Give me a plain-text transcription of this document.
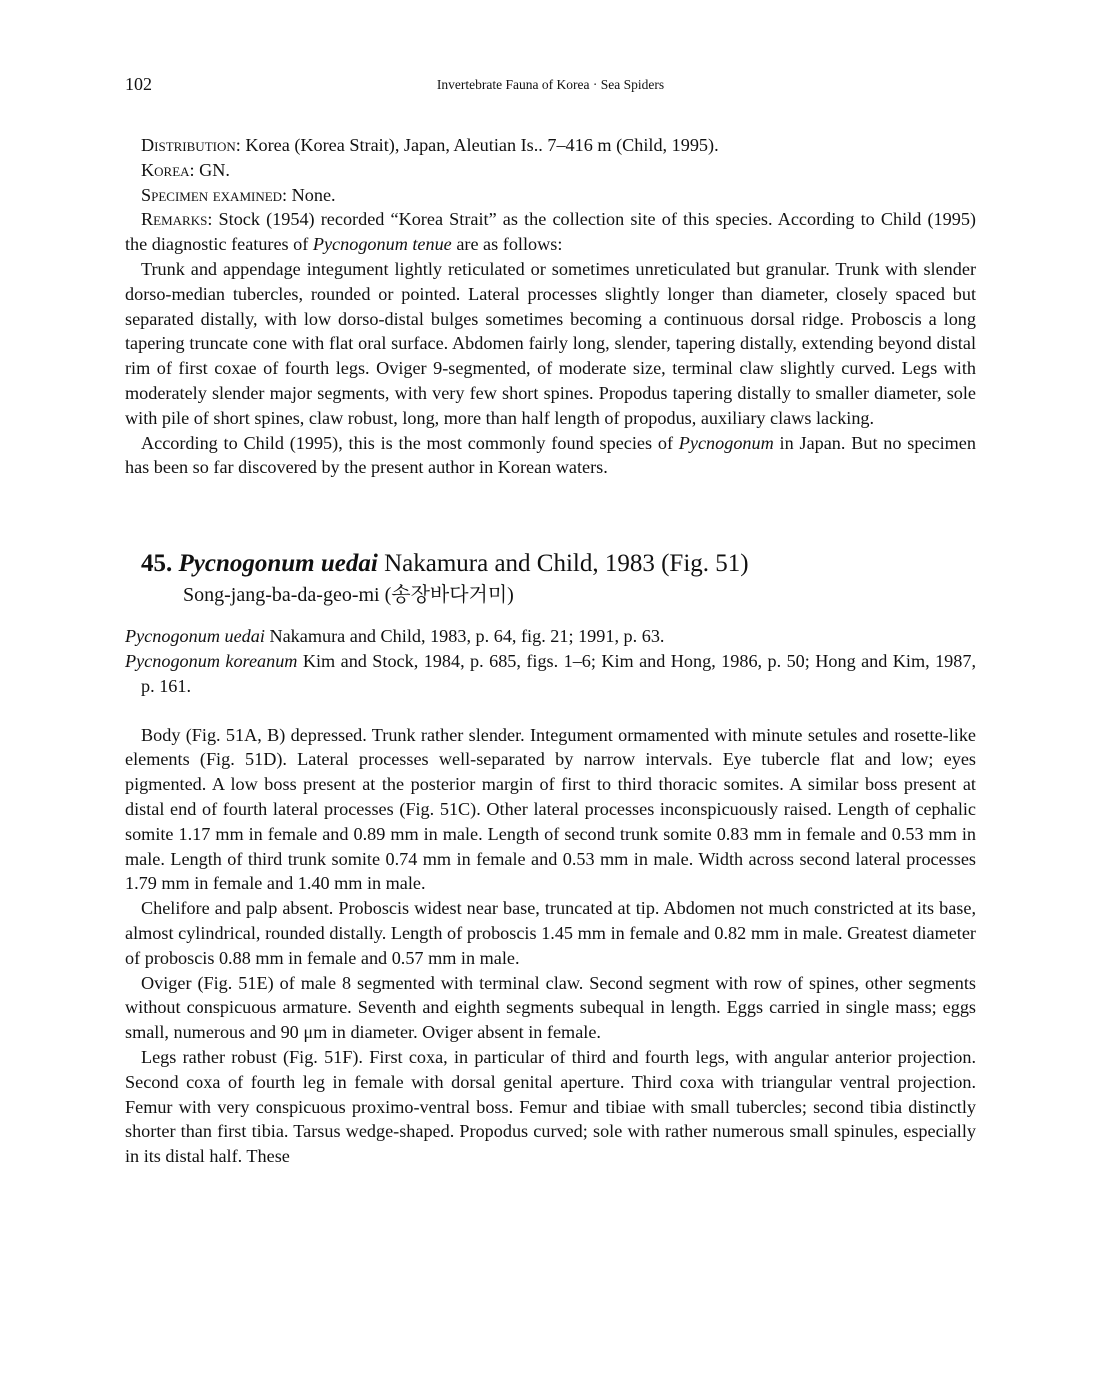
102	Invertebrate Fauna of Korea · Sea Spiders

Distribution: Korea (Korea Strait), Japan, Aleutian Is.. 7–416 m (Child, 1995).

Korea: GN.

Specimen examined: None.

Remarks: Stock (1954) recorded “Korea Strait” as the collection site of this species. According to Child (1995) the diagnostic features of Pycnogonum tenue are as follows:

Trunk and appendage integument lightly reticulated or sometimes unreticulated but granular. Trunk with slender dorso-median tubercles, rounded or pointed. Lateral processes slightly longer than diameter, closely spaced but separated distally, with low dorso-distal bulges sometimes becoming a continuous dorsal ridge. Proboscis a long tapering truncate cone with flat oral surface. Abdomen fairly long, slender, tapering distally, extending beyond distal rim of first coxae of fourth legs. Oviger 9-segmented, of moderate size, terminal claw slightly curved. Legs with moderately slender major segments, with very few short spines. Propodus tapering distally to smaller diameter, sole with pile of short spines, claw robust, long, more than half length of propodus, auxiliary claws lacking.

According to Child (1995), this is the most commonly found species of Pycnogonum in Japan. But no specimen has been so far discovered by the present author in Korean waters.

45. Pycnogonum uedai Nakamura and Child, 1983 (Fig. 51)
Song-jang-ba-da-geo-mi (송장바다거미)

Pycnogonum uedai Nakamura and Child, 1983, p. 64, fig. 21; 1991, p. 63.

Pycnogonum koreanum Kim and Stock, 1984, p. 685, figs. 1–6; Kim and Hong, 1986, p. 50; Hong and Kim, 1987, p. 161.

Body (Fig. 51A, B) depressed. Trunk rather slender. Integument ormamented with minute setules and rosette-like elements (Fig. 51D). Lateral processes well-separated by narrow intervals. Eye tubercle flat and low; eyes pigmented. A low boss present at the posterior margin of first to third thoracic somites. A similar boss present at distal end of fourth lateral processes (Fig. 51C). Other lateral processes inconspicuously raised. Length of cephalic somite 1.17 mm in female and 0.89 mm in male. Length of second trunk somite 0.83 mm in female and 0.53 mm in male. Length of third trunk somite 0.74 mm in female and 0.53 mm in male. Width across second lateral processes 1.79 mm in female and 1.40 mm in male.

Chelifore and palp absent. Proboscis widest near base, truncated at tip. Abdomen not much constricted at its base, almost cylindrical, rounded distally. Length of proboscis 1.45 mm in female and 0.82 mm in male. Greatest diameter of proboscis 0.88 mm in female and 0.57 mm in male.

Oviger (Fig. 51E) of male 8 segmented with terminal claw. Second segment with row of spines, other segments without conspicuous armature. Seventh and eighth segments subequal in length. Eggs carried in single mass; eggs small, numerous and 90 μm in diameter. Oviger absent in female.

Legs rather robust (Fig. 51F). First coxa, in particular of third and fourth legs, with angular anterior projection. Second coxa of fourth leg in female with dorsal genital aperture. Third coxa with triangular ventral projection. Femur with very conspicuous proximo-ventral boss. Femur and tibiae with small tubercles; second tibia distinctly shorter than first tibia. Tarsus wedge-shaped. Propodus curved; sole with rather numerous small spinules, especially in its distal half. These
